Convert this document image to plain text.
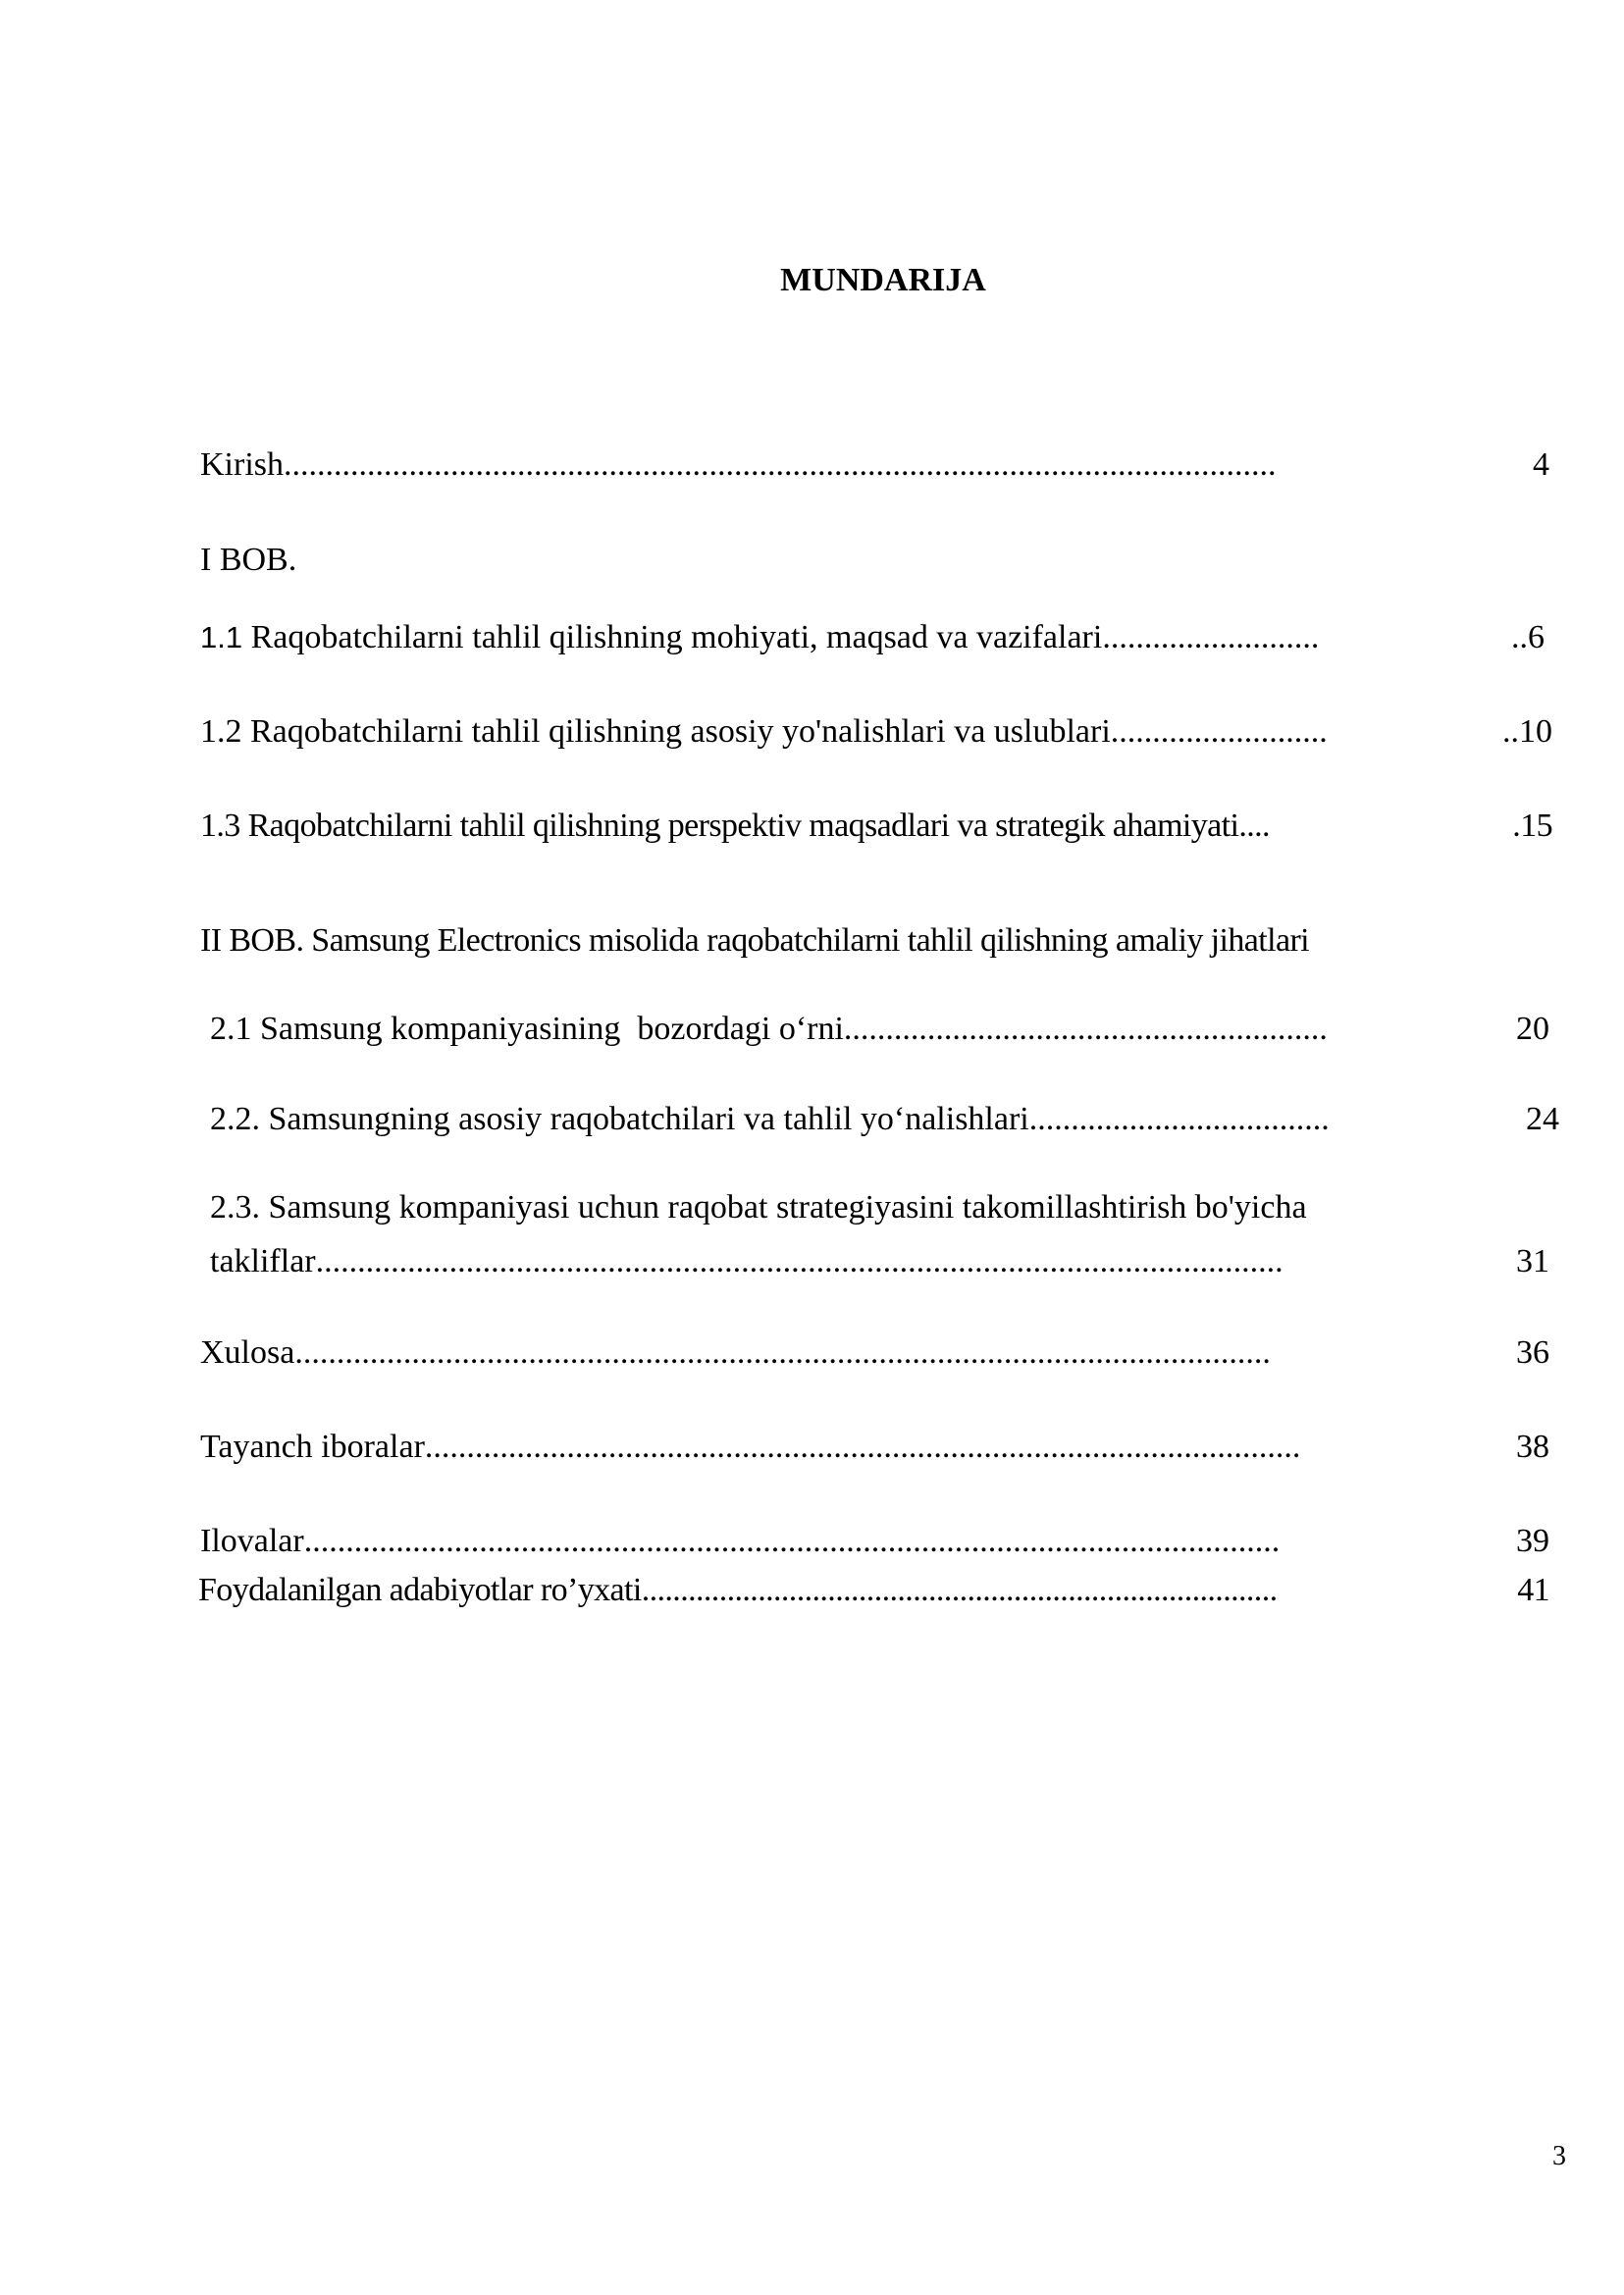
MUNDARIJA
Kirish .......................................................................................................................	4
I BOB.
1.1 Raqobatchilarni tahlil qilishning mohiyati, maqsad va vazifalari ..........................	..6
1.2 Raqobatchilarni tahlil qilishning asosiy yo'nalishlari va uslublari ..........................	..10
1.3 Raqobatchilarni tahlil qilishning perspektiv maqsadlari va strategik ahamiyati ....	.15
II BOB. Samsung Electronics misolida raqobatchilarni tahlil qilishning amaliy jihatlari
2.1 Samsung kompaniyasining  bozordagi o‘rni ..........................................................	20
2.2. Samsungning asosiy raqobatchilari va tahlil yo‘nalishlari ....................................	24
2.3. Samsung kompaniyasi uchun raqobat strategiyasini takomillashtirish bo'yicha
takliflar ....................................................................................................................	31
Xulosa .....................................................................................................................	36
Tayanch iboralar .........................................................................................................	38
Ilovalar .....................................................................................................................	39
Foydalanilgan adabiyotlar ro’yxati ..................................................................................	41
3
